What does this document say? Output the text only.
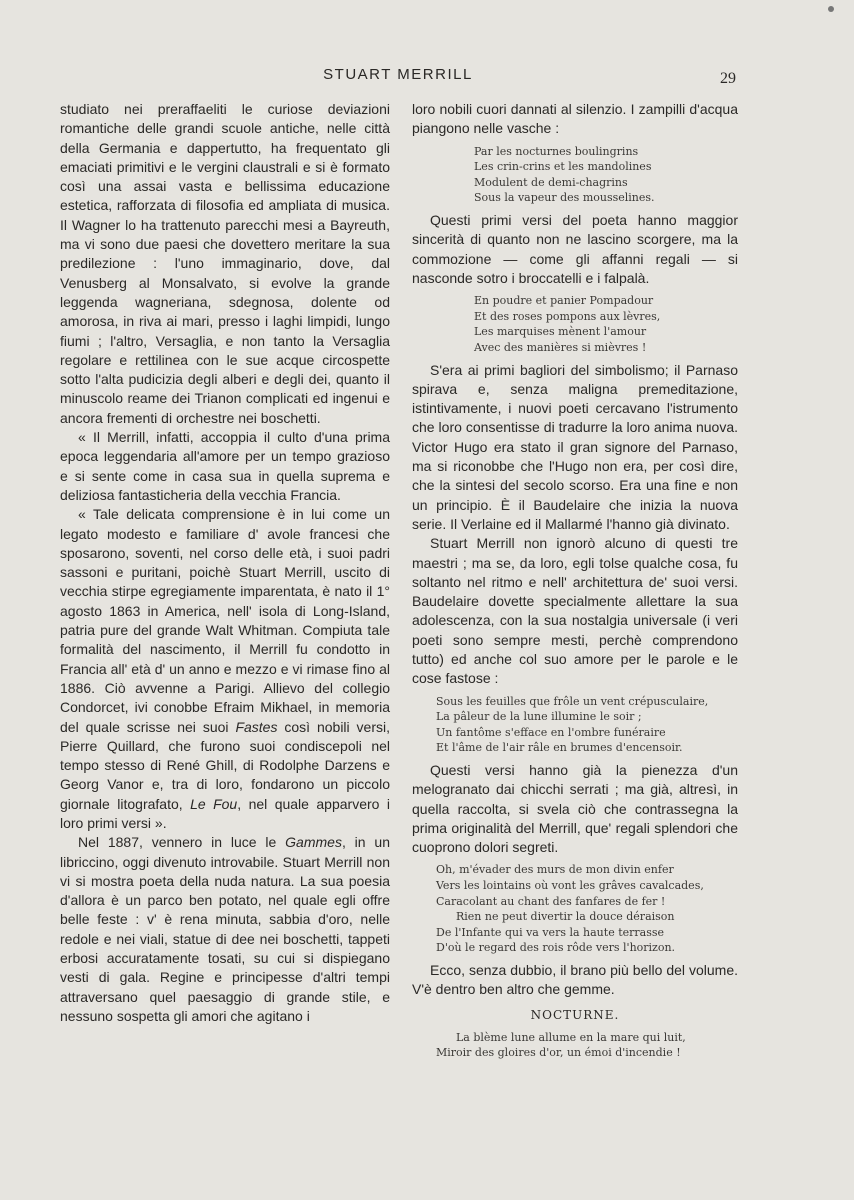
STUART MERRILL	29

studiato nei preraffaeliti le curiose deviazioni romantiche delle grandi scuole antiche, nelle città della Germania e dappertutto, ha frequentato gli emaciati primitivi e le vergini claustrali e si è formato così una assai vasta e bellissima educazione estetica, rafforzata di filosofia ed ampliata di musica. Il Wagner lo ha trattenuto parecchi mesi a Bayreuth, ma vi sono due paesi che dovettero meritare la sua predilezione : l'uno immaginario, dove, dal Venusberg al Monsalvato, si evolve la grande leggenda wagneriana, sdegnosa, dolente od amorosa, in riva ai mari, presso i laghi limpidi, lungo fiumi ; l'altro, Versaglia, e non tanto la Versaglia regolare e rettilinea con le sue acque circospette sotto l'alta pudicizia degli alberi e degli dei, quanto il minuscolo reame dei Trianon complicati ed ingenui e ancora frementi di orchestre nei boschetti.

« Il Merrill, infatti, accoppia il culto d'una prima epoca leggendaria all'amore per un tempo grazioso e si sente come in casa sua in quella suprema e deliziosa fantasticheria della vecchia Francia.

« Tale delicata comprensione è in lui come un legato modesto e familiare d' avole francesi che sposarono, soventi, nel corso delle età, i suoi padri sassoni e puritani, poichè Stuart Merrill, uscito di vecchia stirpe egregiamente imparentata, è nato il 1° agosto 1863 in America, nell' isola di Long-Island, patria pure del grande Walt Whitman. Compiuta tale formalità del nascimento, il Merrill fu condotto in Francia all' età d' un anno e mezzo e vi rimase fino al 1886. Ciò avvenne a Parigi. Allievo del collegio Condorcet, ivi conobbe Efraim Mikhael, in memoria del quale scrisse nei suoi Fastes così nobili versi, Pierre Quillard, che furono suoi condiscepoli nel tempo stesso di René Ghill, di Rodolphe Darzens e Georg Vanor e, tra di loro, fondarono un piccolo giornale litografato, Le Fou, nel quale apparvero i loro primi versi ».

Nel 1887, vennero in luce le Gammes, in un libriccino, oggi divenuto introvabile. Stuart Merrill non vi si mostra poeta della nuda natura. La sua poesia d'allora è un parco ben potato, nel quale egli offre belle feste : v' è rena minuta, sabbia d'oro, nelle redole e nei viali, statue di dee nei boschetti, tappeti erbosi accuratamente tosati, su cui si dispiegano vesti di gala. Regine e principesse d'altri tempi attraversano quel paesaggio di grande stile, e nessuno sospetta gli amori che agitano i

loro nobili cuori dannati al silenzio. I zampilli d'acqua piangono nelle vasche :

Par les nocturnes boulingrins
Les crin-crins et les mandolines
Modulent de demi-chagrins
Sous la vapeur des mousselines.

Questi primi versi del poeta hanno maggior sincerità di quanto non ne lascino scorgere, ma la commozione — come gli affanni regali — si nasconde sotro i broccatelli e i falpalà.

En poudre et panier Pompadour
Et des roses pompons aux lèvres,
Les marquises mènent l'amour
Avec des manières si mièvres !

S'era ai primi bagliori del simbolismo; il Parnaso spirava e, senza maligna premeditazione, istintivamente, i nuovi poeti cercavano l'istrumento che loro consentisse di tradurre la loro anima nuova. Victor Hugo era stato il gran signore del Parnaso, ma si riconobbe che l'Hugo non era, per così dire, che la sintesi del secolo scorso. Era una fine e non un principio. È il Baudelaire che inizia la nuova serie. Il Verlaine ed il Mallarmé l'hanno già divinato.

Stuart Merrill non ignorò alcuno di questi tre maestri ; ma se, da loro, egli tolse qualche cosa, fu soltanto nel ritmo e nell' architettura de' suoi versi. Baudelaire dovette specialmente allettare la sua adolescenza, con la sua nostalgia universale (i veri poeti sono sempre mesti, perchè comprendono tutto) ed anche col suo amore per le parole e le cose fastose :

Sous les feuilles que frôle un vent crépusculaire,
La pâleur de la lune illumine le soir ;
Un fantôme s'efface en l'ombre funéraire
Et l'âme de l'air râle en brumes d'encensoir.

Questi versi hanno già la pienezza d'un melogranato dai chicchi serrati ; ma già, altresì, in quella raccolta, si svela ciò che contrassegna la prima originalità del Merrill, que' regali splendori che cuoprono dolori segreti.

Oh, m'évader des murs de mon divin enfer
Vers les lointains où vont les grâves cavalcades,
Caracolant au chant des fanfares de fer !
Rien ne peut divertir la douce déraison
De l'Infante qui va vers la haute terrasse
D'où le regard des rois rôde vers l'horizon.

Ecco, senza dubbio, il brano più bello del volume. V'è dentro ben altro che gemme.

NOCTURNE.
La blème lune allume en la mare qui luit,
Miroir des gloires d'or, un émoi d'incendie !
